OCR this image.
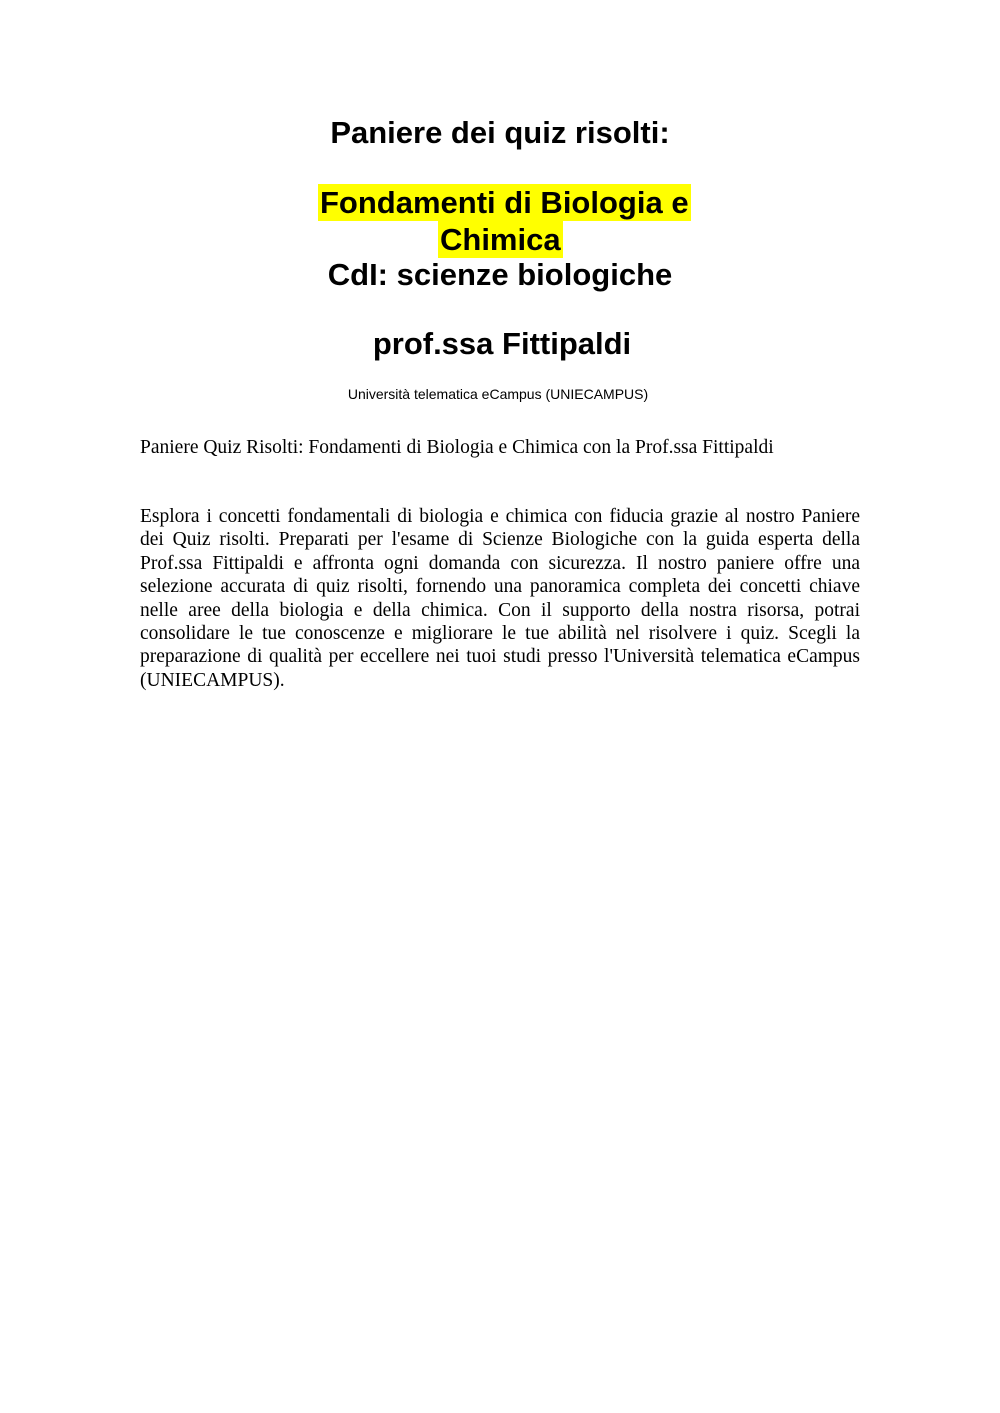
Paniere dei quiz risolti:
Fondamenti di Biologia e
Chimica
CdI: scienze biologiche
prof.ssa Fittipaldi
Università telematica eCampus (UNIECAMPUS)
Paniere Quiz Risolti: Fondamenti di Biologia e Chimica con la Prof.ssa Fittipaldi

Esplora i concetti fondamentali di biologia e chimica con fiducia grazie al nostro Paniere dei Quiz risolti. Preparati per l'esame di Scienze Biologiche con la guida esperta della Prof.ssa Fittipaldi e affronta ogni domanda con sicurezza. Il nostro paniere offre una selezione accurata di quiz risolti, fornendo una panoramica completa dei concetti chiave nelle aree della biologia e della chimica. Con il supporto della nostra risorsa, potrai consolidare le tue conoscenze e migliorare le tue abilità nel risolvere i quiz. Scegli la preparazione di qualità per eccellere nei tuoi studi presso l'Università telematica eCampus (UNIECAMPUS).
